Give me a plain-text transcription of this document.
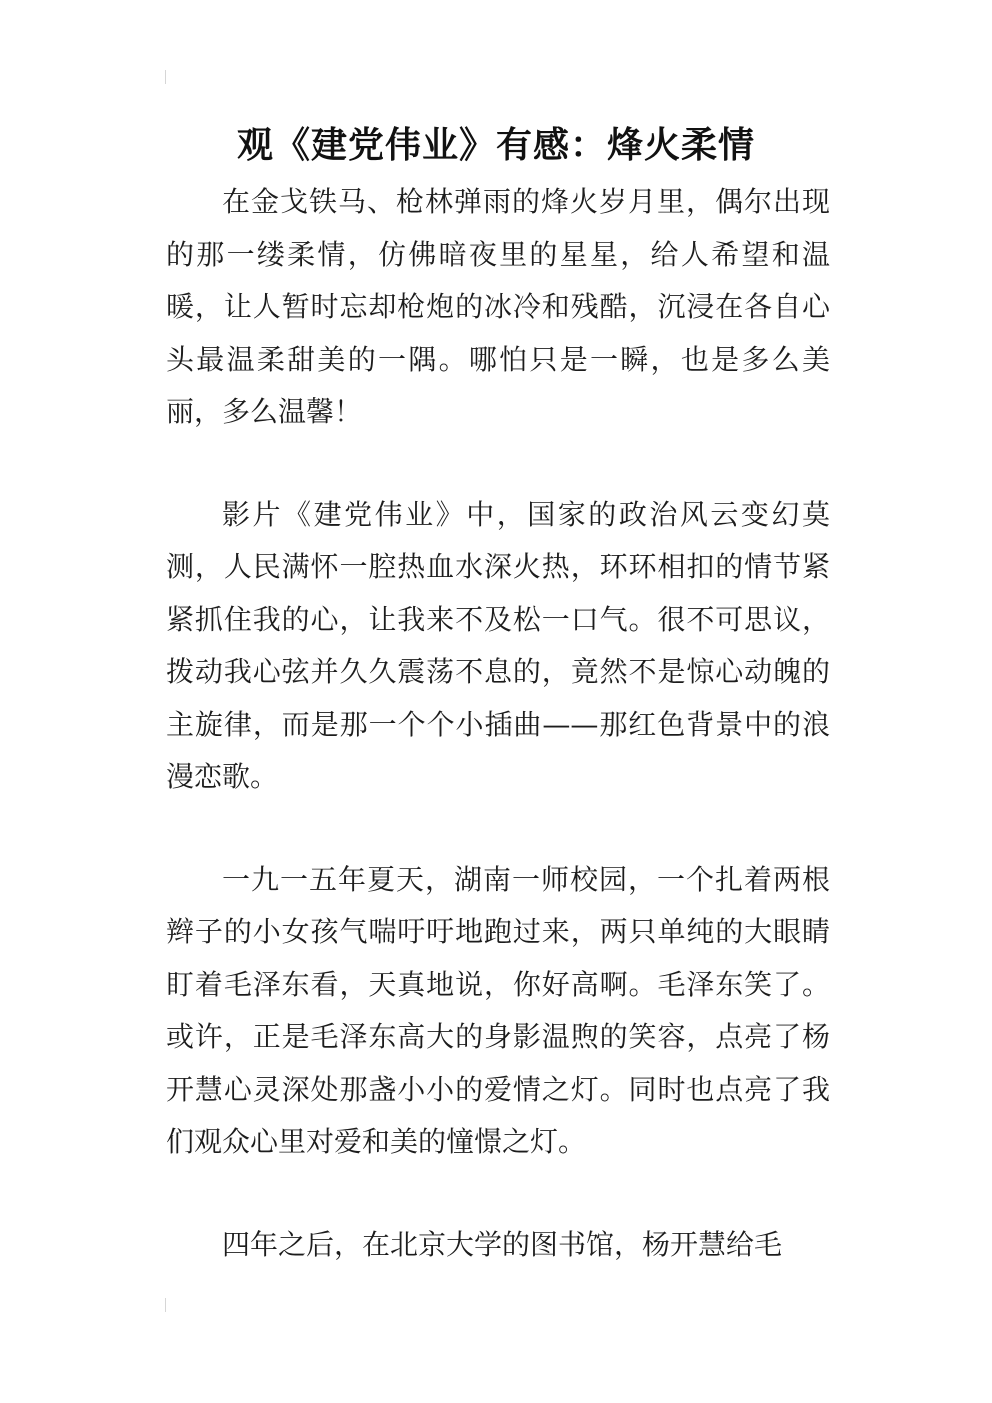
观《建党伟业》有感：烽火柔情

在金戈铁马、枪林弹雨的烽火岁月里，偶尔出现的那一缕柔情，仿佛暗夜里的星星，给人希望和温暖，让人暂时忘却枪炮的冰冷和残酷，沉浸在各自心头最温柔甜美的一隅。哪怕只是一瞬，也是多么美丽，多么温馨！

影片《建党伟业》中，国家的政治风云变幻莫测，人民满怀一腔热血水深火热，环环相扣的情节紧紧抓住我的心，让我来不及松一口气。很不可思议，拨动我心弦并久久震荡不息的，竟然不是惊心动魄的主旋律，而是那一个个小插曲——那红色背景中的浪漫恋歌。

一九一五年夏天，湖南一师校园，一个扎着两根辫子的小女孩气喘吁吁地跑过来，两只单纯的大眼睛盯着毛泽东看，天真地说，你好高啊。毛泽东笑了。或许，正是毛泽东高大的身影温煦的笑容，点亮了杨开慧心灵深处那盏小小的爱情之灯。同时也点亮了我们观众心里对爱和美的憧憬之灯。

四年之后，在北京大学的图书馆，杨开慧给毛
